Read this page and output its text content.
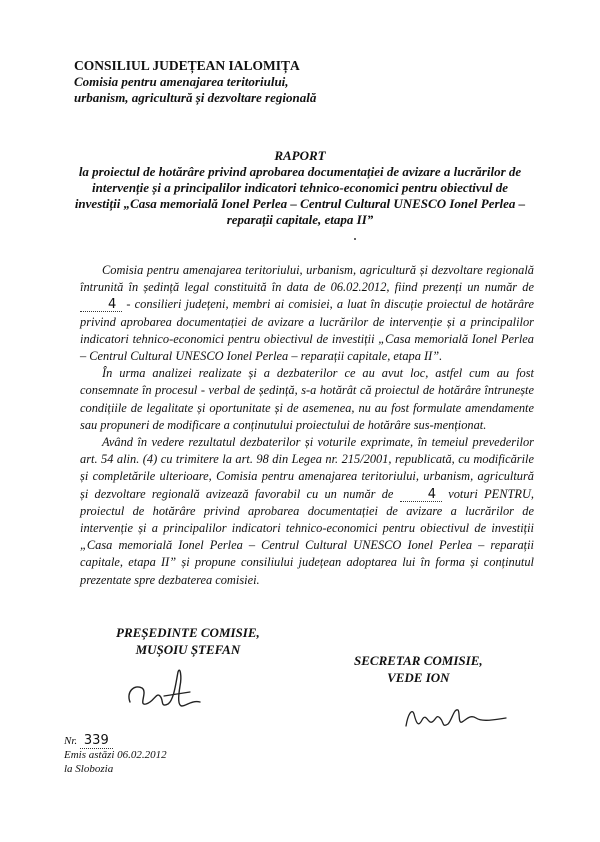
CONSILIUL JUDEȚEAN IALOMIȚA
Comisia pentru amenajarea teritoriului,
urbanism, agricultură și dezvoltare regională
RAPORT
la proiectul de hotărâre privind aprobarea documentației de avizare a lucrărilor de
intervenție și a principalilor indicatori tehnico-economici pentru obiectivul de
investiții „Casa memorială Ionel Perlea – Centrul Cultural UNESCO Ionel Perlea –
reparații capitale, etapa II”

Comisia pentru amenajarea teritoriului, urbanism, agricultură și dezvoltare regională întrunită în ședință legal constituită în data de 06.02.2012, fiind prezenți un număr de 4 - consilieri județeni, membri ai comisiei, a luat în discuție proiectul de hotărâre privind aprobarea documentației de avizare a lucrărilor de intervenție și a principalilor indicatori tehnico-economici pentru obiectivul de investiții „Casa memorială Ionel Perlea – Centrul Cultural UNESCO Ionel Perlea – reparații capitale, etapa II”.

În urma analizei realizate și a dezbaterilor ce au avut loc, astfel cum au fost consemnate în procesul - verbal de ședință, s-a hotărât că proiectul de hotărâre întrunește condițiile de legalitate și oportunitate și de asemenea, nu au fost formulate amendamente sau propuneri de modificare a conținutului proiectului de hotărâre sus-menționat.

Având în vedere rezultatul dezbaterilor și voturile exprimate, în temeiul prevederilor art. 54 alin. (4) cu trimitere la art. 98 din Legea nr. 215/2001, republicată, cu modificările și completările ulterioare, Comisia pentru amenajarea teritoriului, urbanism, agricultură și dezvoltare regională avizează favorabil cu un număr de	4 voturi PENTRU, proiectul de hotărâre privind aprobarea documentației de avizare a lucrărilor de intervenție și a principalilor indicatori tehnico-economici pentru obiectivul de investiții „Casa memorială Ionel Perlea – Centrul Cultural UNESCO Ionel Perlea – reparații capitale, etapa II” și propune consiliului județean adoptarea lui în forma și conținutul prezentate spre dezbaterea comisiei.

PREȘEDINTE COMISIE,
MUȘOIU ȘTEFAN
SECRETAR COMISIE,
VEDE ION
Nr. 339
Emis astăzi 06.02.2012
la Slobozia
